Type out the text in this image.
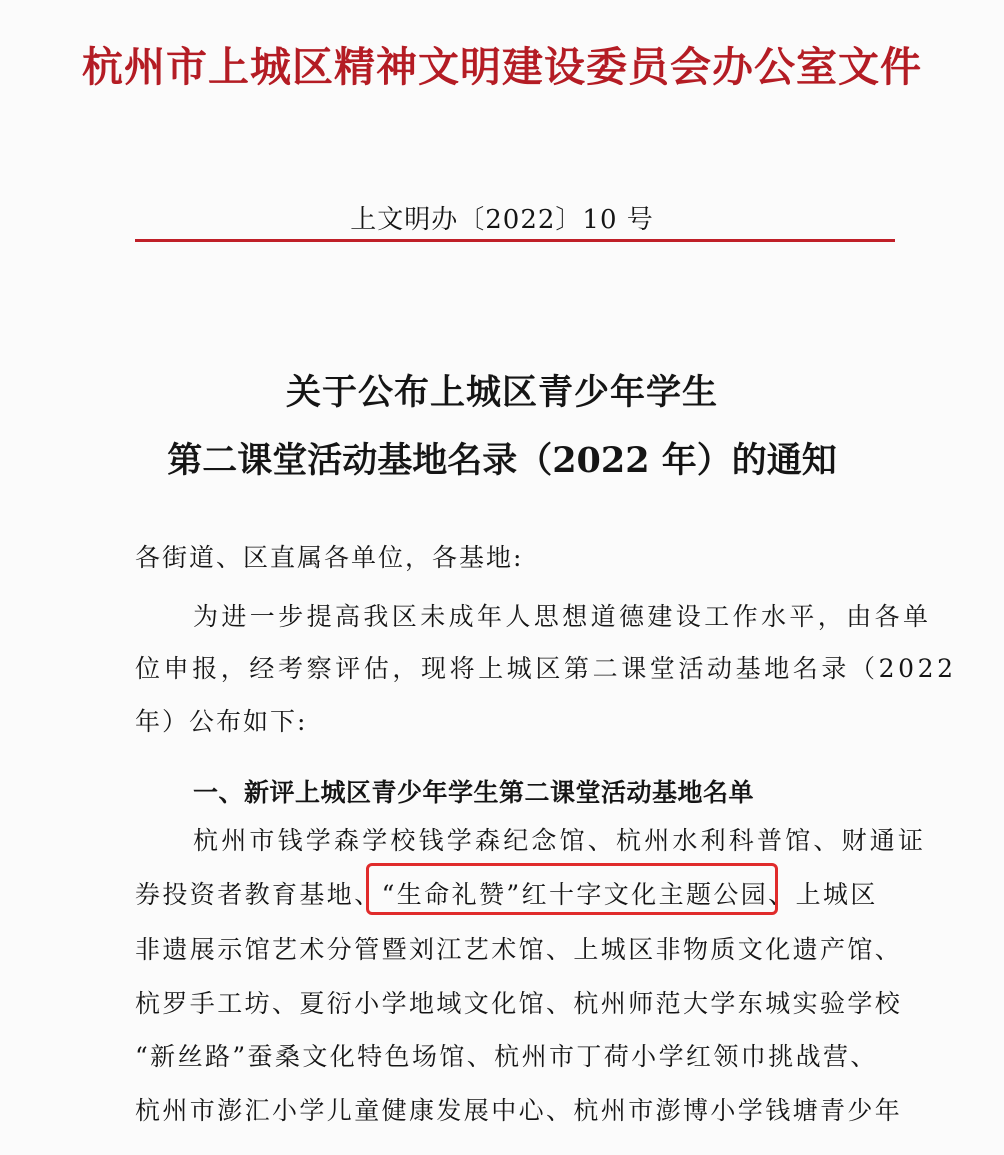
杭州市上城区精神文明建设委员会办公室文件
上文明办〔2022〕10 号
关于公布上城区青少年学生
第二课堂活动基地名录（2022 年）的通知
各街道、区直属各单位，各基地:
为进一步提高我区未成年人思想道德建设工作水平，由各单
位申报，经考察评估，现将上城区第二课堂活动基地名录（2022
年）公布如下:
一、新评上城区青少年学生第二课堂活动基地名单
杭州市钱学森学校钱学森纪念馆、杭州水利科普馆、财通证
券投资者教育基地、“生命礼赞”红十字文化主题公园、上城区
非遗展示馆艺术分管暨刘江艺术馆、上城区非物质文化遗产馆、
杭罗手工坊、夏衍小学地域文化馆、杭州师范大学东城实验学校
“新丝路”蚕桑文化特色场馆、杭州市丁荷小学红领巾挑战营、
杭州市澎汇小学儿童健康发展中心、杭州市澎博小学钱塘青少年
